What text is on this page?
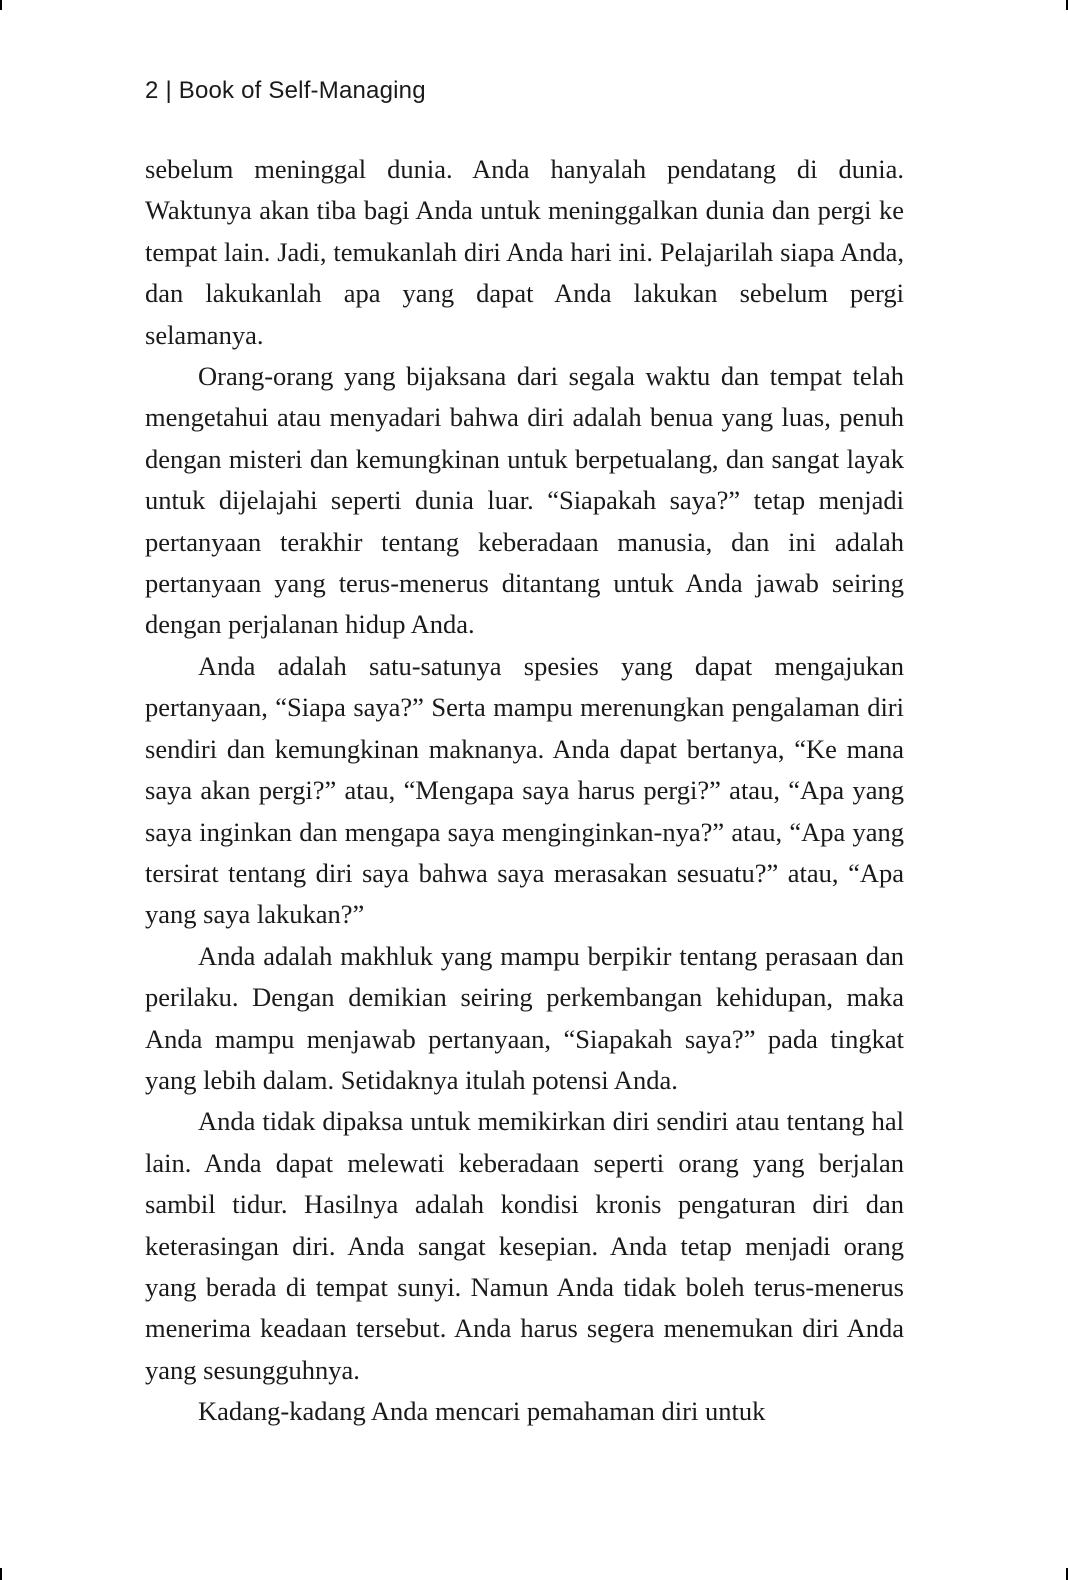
2 | Book of Self-Managing

sebelum meninggal dunia. Anda hanyalah pendatang di dunia. Waktunya akan tiba bagi Anda untuk meninggalkan dunia dan pergi ke tempat lain. Jadi, temukanlah diri Anda hari ini. Pelajarilah siapa Anda, dan lakukanlah apa yang dapat Anda lakukan sebelum pergi selamanya.

Orang-orang yang bijaksana dari segala waktu dan tempat telah mengetahui atau menyadari bahwa diri adalah benua yang luas, penuh dengan misteri dan kemungkinan untuk berpetualang, dan sangat layak untuk dijelajahi seperti dunia luar. “Siapakah saya?” tetap menjadi pertanyaan terakhir tentang keberadaan manusia, dan ini adalah pertanyaan yang terus-menerus ditantang untuk Anda jawab seiring dengan perjalanan hidup Anda.

Anda adalah satu-satunya spesies yang dapat mengajukan pertanyaan, “Siapa saya?” Serta mampu merenungkan pengalaman diri sendiri dan kemungkinan maknanya. Anda dapat bertanya, “Ke mana saya akan pergi?” atau, “Mengapa saya harus pergi?” atau, “Apa yang saya inginkan dan mengapa saya menginginkan-nya?” atau, “Apa yang tersirat tentang diri saya bahwa saya merasakan sesuatu?” atau, “Apa yang saya lakukan?”

Anda adalah makhluk yang mampu berpikir tentang perasaan dan perilaku. Dengan demikian seiring perkembangan kehidupan, maka Anda mampu menjawab pertanyaan, “Siapakah saya?” pada tingkat yang lebih dalam. Setidaknya itulah potensi Anda.

Anda tidak dipaksa untuk memikirkan diri sendiri atau tentang hal lain. Anda dapat melewati keberadaan seperti orang yang berjalan sambil tidur. Hasilnya adalah kondisi kronis pengaturan diri dan keterasingan diri. Anda sangat kesepian. Anda tetap menjadi orang yang berada di tempat sunyi. Namun Anda tidak boleh terus-menerus menerima keadaan tersebut. Anda harus segera menemukan diri Anda yang sesungguhnya.

Kadang-kadang Anda mencari pemahaman diri untuk
